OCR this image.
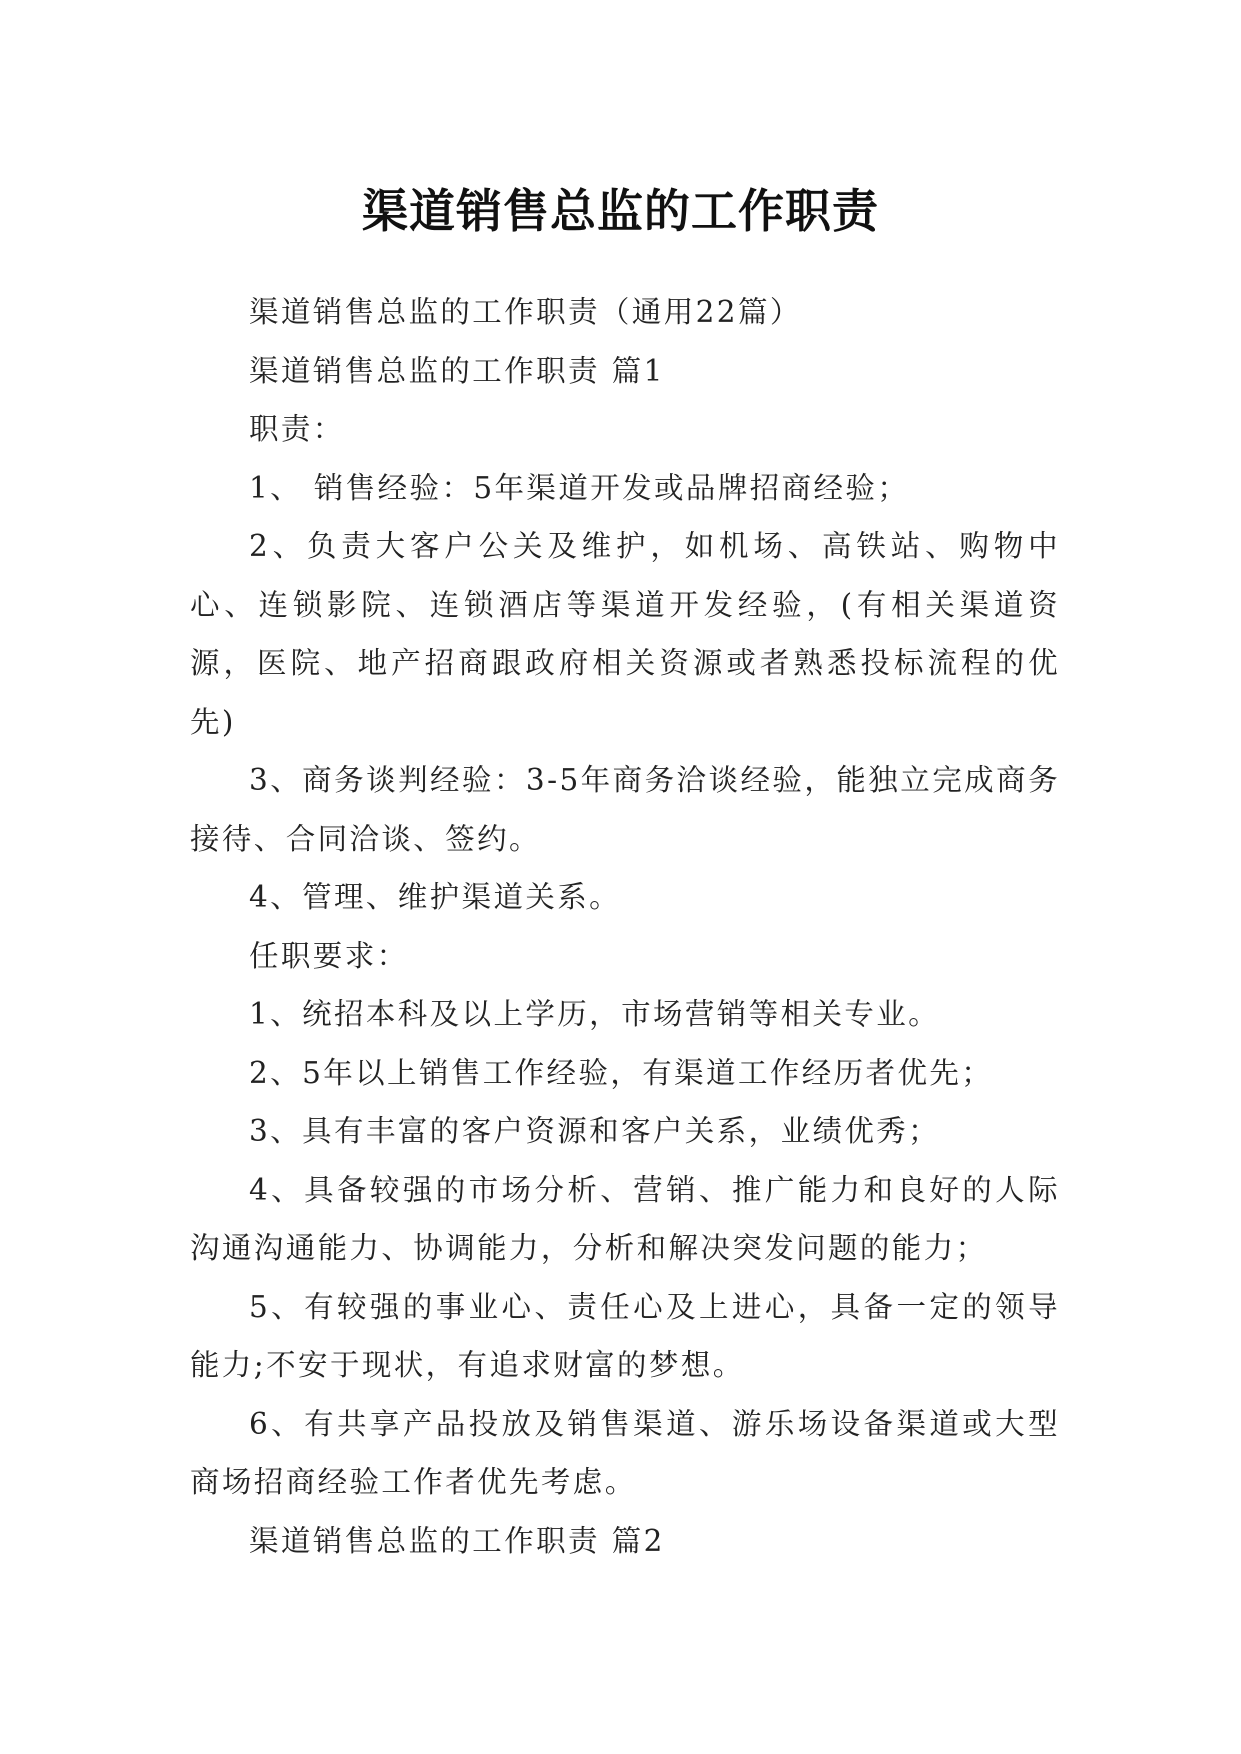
渠道销售总监的工作职责

渠道销售总监的工作职责（通用22篇）

渠道销售总监的工作职责 篇1

职责：

1、 销售经验：5年渠道开发或品牌招商经验；

2、负责大客户公关及维护，如机场、高铁站、购物中心、连锁影院、连锁酒店等渠道开发经验，(有相关渠道资源，医院、地产招商跟政府相关资源或者熟悉投标流程的优先)

3、商务谈判经验：3-5年商务洽谈经验，能独立完成商务接待、合同洽谈、签约。

4、管理、维护渠道关系。

任职要求：

1、统招本科及以上学历，市场营销等相关专业。

2、5年以上销售工作经验，有渠道工作经历者优先；

3、具有丰富的客户资源和客户关系，业绩优秀；

4、具备较强的市场分析、营销、推广能力和良好的人际沟通沟通能力、协调能力，分析和解决突发问题的能力；

5、有较强的事业心、责任心及上进心，具备一定的领导能力;不安于现状，有追求财富的梦想。

6、有共享产品投放及销售渠道、游乐场设备渠道或大型商场招商经验工作者优先考虑。

渠道销售总监的工作职责 篇2
